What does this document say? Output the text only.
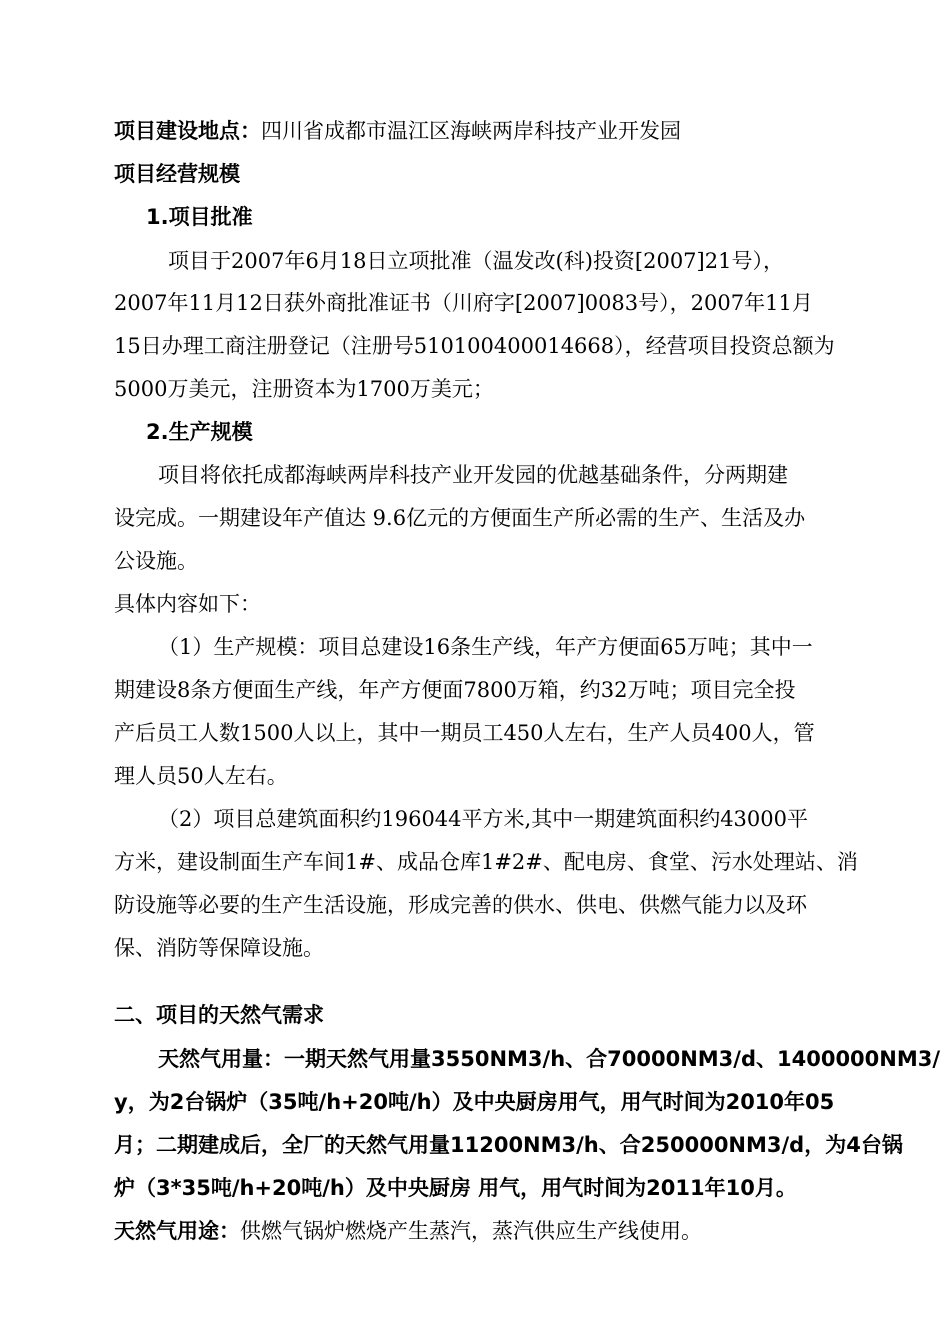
项目建设地点：四川省成都市温江区海峡两岸科技产业开发园
项目经营规模
1.项目批准
项目于2007年6月18日立项批准（温发改(科)投资[2007]21号），
2007年11月12日获外商批准证书（川府字[2007]0083号），2007年11月
15日办理工商注册登记（注册号510100400014668），经营项目投资总额为
5000万美元，注册资本为1700万美元；
2.生产规模
项目将依托成都海峡两岸科技产业开发园的优越基础条件，分两期建
设完成。一期建设年产值达 9.6亿元的方便面生产所必需的生产、生活及办
公设施。
具体内容如下：
（1）生产规模：项目总建设16条生产线，年产方便面65万吨；其中一
期建设8条方便面生产线，年产方便面7800万箱，约32万吨；项目完全投
产后员工人数1500人以上，其中一期员工450人左右，生产人员400人，管
理人员50人左右。
（2）项目总建筑面积约196044平方米,其中一期建筑面积约43000平
方米，建设制面生产车间1#、成品仓库1#2#、配电房、食堂、污水处理站、消
防设施等必要的生产生活设施，形成完善的供水、供电、供燃气能力以及环
保、消防等保障设施。
二、项目的天然气需求
天然气用量：一期天然气用量3550NM3/h、合70000NM3/d、1400000NM3/
y，为2台锅炉（35吨/h+20吨/h）及中央厨房用气，用气时间为2010年05
月；二期建成后，全厂的天然气用量11200NM3/h、合250000NM3/d，为4台锅
炉（3*35吨/h+20吨/h）及中央厨房 用气，用气时间为2011年10月。
天然气用途：供燃气锅炉燃烧产生蒸汽，蒸汽供应生产线使用。
